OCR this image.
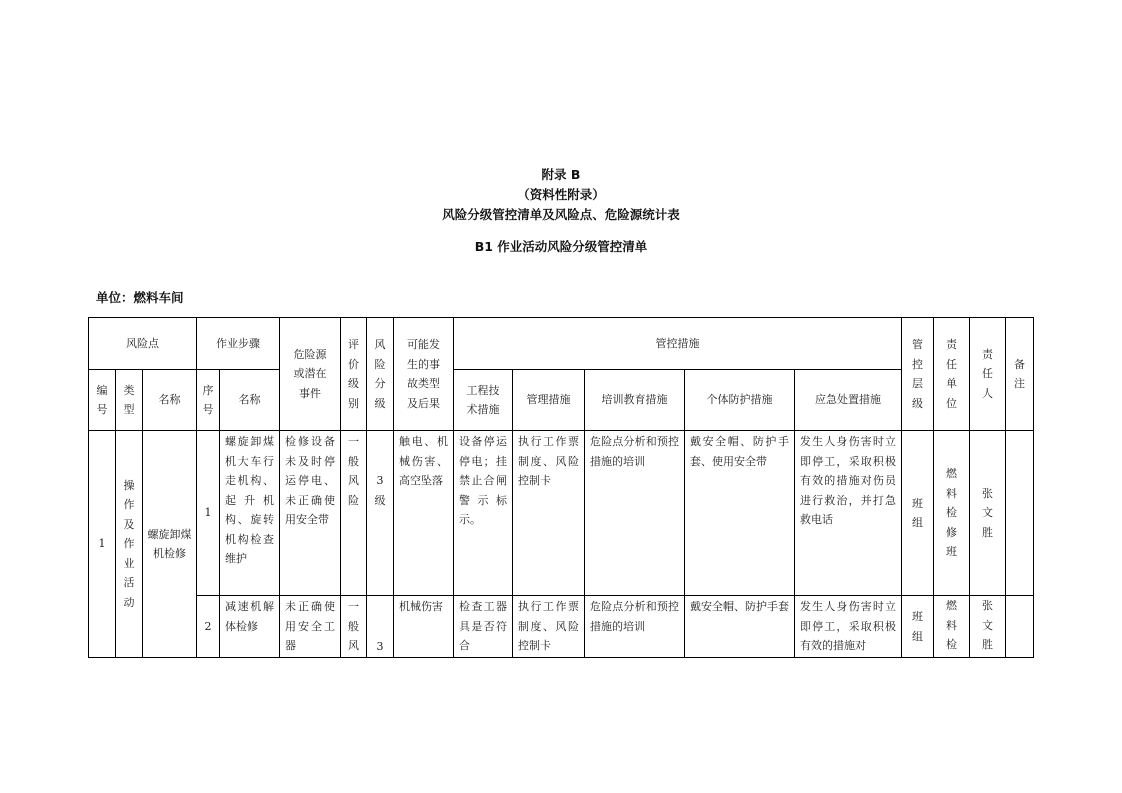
附录 B
（资料性附录）
风险分级管控清单及风险点、危险源统计表
B1 作业活动风险分级管控清单
单位：燃料车间
风险点			作业步骤		危险源或潜在事件	评价级别	风险分级	可能发生的事故类型及后果	管控措施					管控层级	责任单位	责任人	备注
编号	类型	名称	序号	名称					工程技术措施	管理措施	培训教育措施	个体防护措施	应急处置措施				
1	操作及作业活动	螺旋卸煤机检修	1	螺旋卸煤机大车行走机构、起升机构、旋转机构检查维护	检修设备未及时停运停电、未正确使用安全带	一般风险	3级	触电、机械伤害、高空坠落	设备停运停电；挂禁止合闸警示标示。	执行工作票制度、风险控制卡	危险点分析和预控措施的培训	戴安全帽、防护手套、使用安全带	发生人身伤害时立即停工，采取积极有效的措施对伤员进行救治，并打急救电话	班组	燃料检修班	张文胜	
			2	减速机解体检修	未正确使用安全工器	一般风	3	机械伤害	检查工器具是否符合	执行工作票制度、风险控制卡	危险点分析和预控措施的培训	戴安全帽、防护手套	发生人身伤害时立即停工，采取积极有效的措施对	班组	燃料检	张文胜	
